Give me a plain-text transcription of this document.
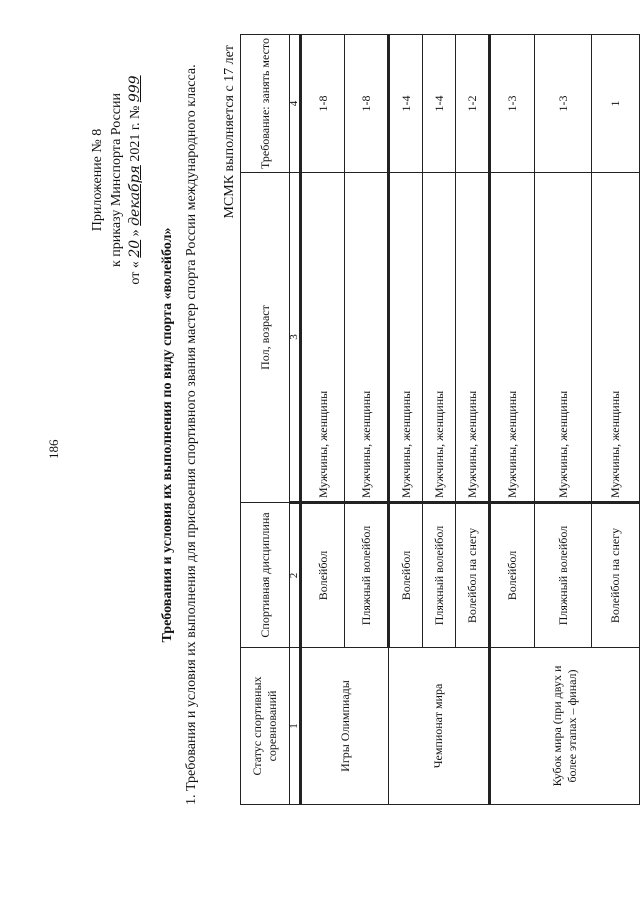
186
Приложение № 8 к приказу Минспорта России
от « 20 » декабря 2021 г. № 999
Требования и условия их выполнения по виду спорта «волейбол» 1. Требования и условия их выполнения для присвоения спортивного звания мастер спорта России международного класса. МСМК выполняется с 17 лет
Статус спортивных соревнований	Спортивная дисциплина	Пол, возраст	Требование: занять место
1	2	3	4
Игры Олимпиады	Волейбол	Мужчины, женщины	1-8
	Пляжный волейбол	Мужчины, женщины	1-8
Чемпионат мира	Волейбол	Мужчины, женщины	1-4
	Пляжный волейбол	Мужчины, женщины	1-4
	Волейбол на снегу	Мужчины, женщины	1-2
Кубок мира (при двух и более этапах – финал)	Волейбол	Мужчины, женщины	1-3
	Пляжный волейбол	Мужчины, женщины	1-3
	Волейбол на снегу	Мужчины, женщины	1
